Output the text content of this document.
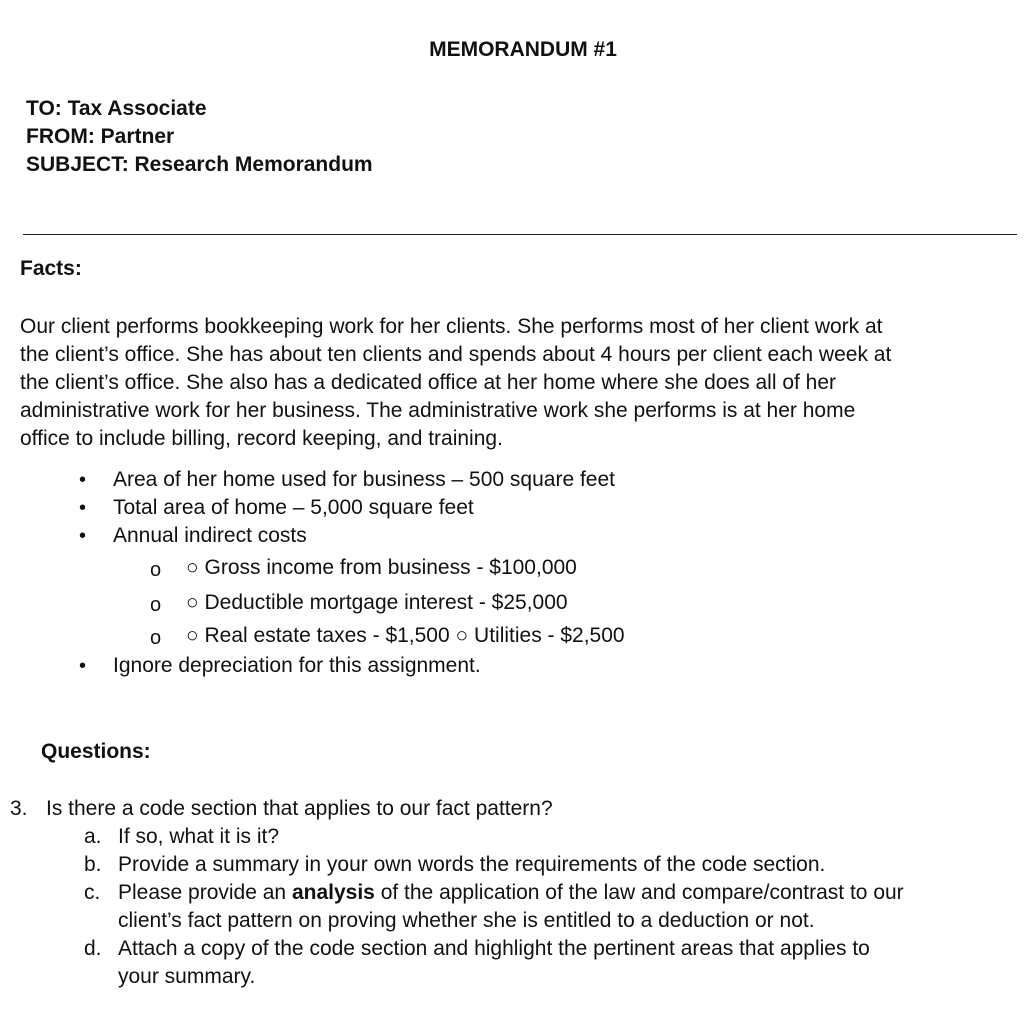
MEMORANDUM #1
TO: Tax Associate
FROM: Partner
SUBJECT: Research Memorandum
Facts:
Our client performs bookkeeping work for her clients. She performs most of her client work at
the client’s office. She has about ten clients and spends about 4 hours per client each week at
the client’s office. She also has a dedicated office at her home where she does all of her
administrative work for her business. The administrative work she performs is at her home
office to include billing, record keeping, and training.
• Area of her home used for business – 500 square feet
• Total area of home – 5,000 square feet
• Annual indirect costs
o ○ Gross income from business - $100,000
o ○ Deductible mortgage interest - $25,000
o ○ Real estate taxes - $1,500 ○ Utilities - $2,500
• Ignore depreciation for this assignment.
Questions:
3. Is there a code section that applies to our fact pattern?
a. If so, what it is it?
b. Provide a summary in your own words the requirements of the code section.
c. Please provide an analysis of the application of the law and compare/contrast to our
client’s fact pattern on proving whether she is entitled to a deduction or not.
d. Attach a copy of the code section and highlight the pertinent areas that applies to
your summary.
